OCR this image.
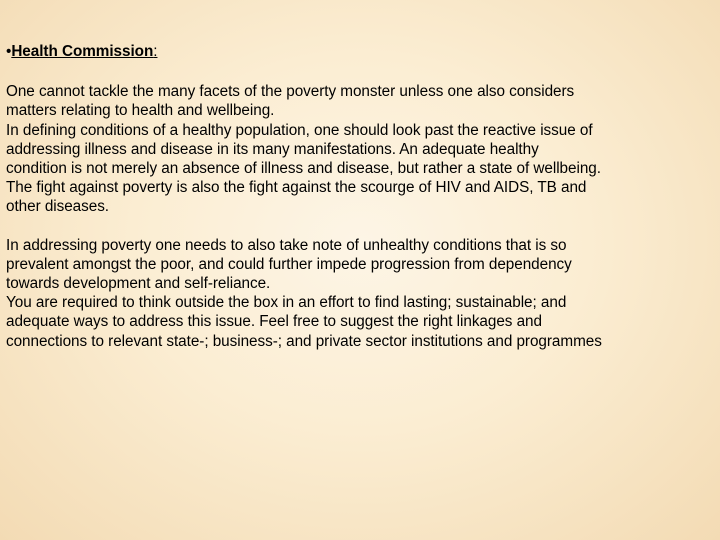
•Health Commission:
One cannot tackle the many facets of the poverty monster unless one also considers
matters relating to health and wellbeing.
In defining conditions of a healthy population, one should look past the reactive issue of
addressing illness and disease in its many manifestations. An adequate healthy
condition is not merely an absence of illness and disease, but rather a state of wellbeing.
The fight against poverty is also the fight against the scourge of HIV and AIDS, TB and
other diseases.
In addressing poverty one needs to also take note of unhealthy conditions that is so
prevalent amongst the poor, and could further impede progression from dependency
towards development and self-reliance.
You are required to think outside the box in an effort to find lasting; sustainable; and
adequate ways to address this issue. Feel free to suggest the right linkages and
connections to relevant state-; business-; and private sector institutions and programmes
